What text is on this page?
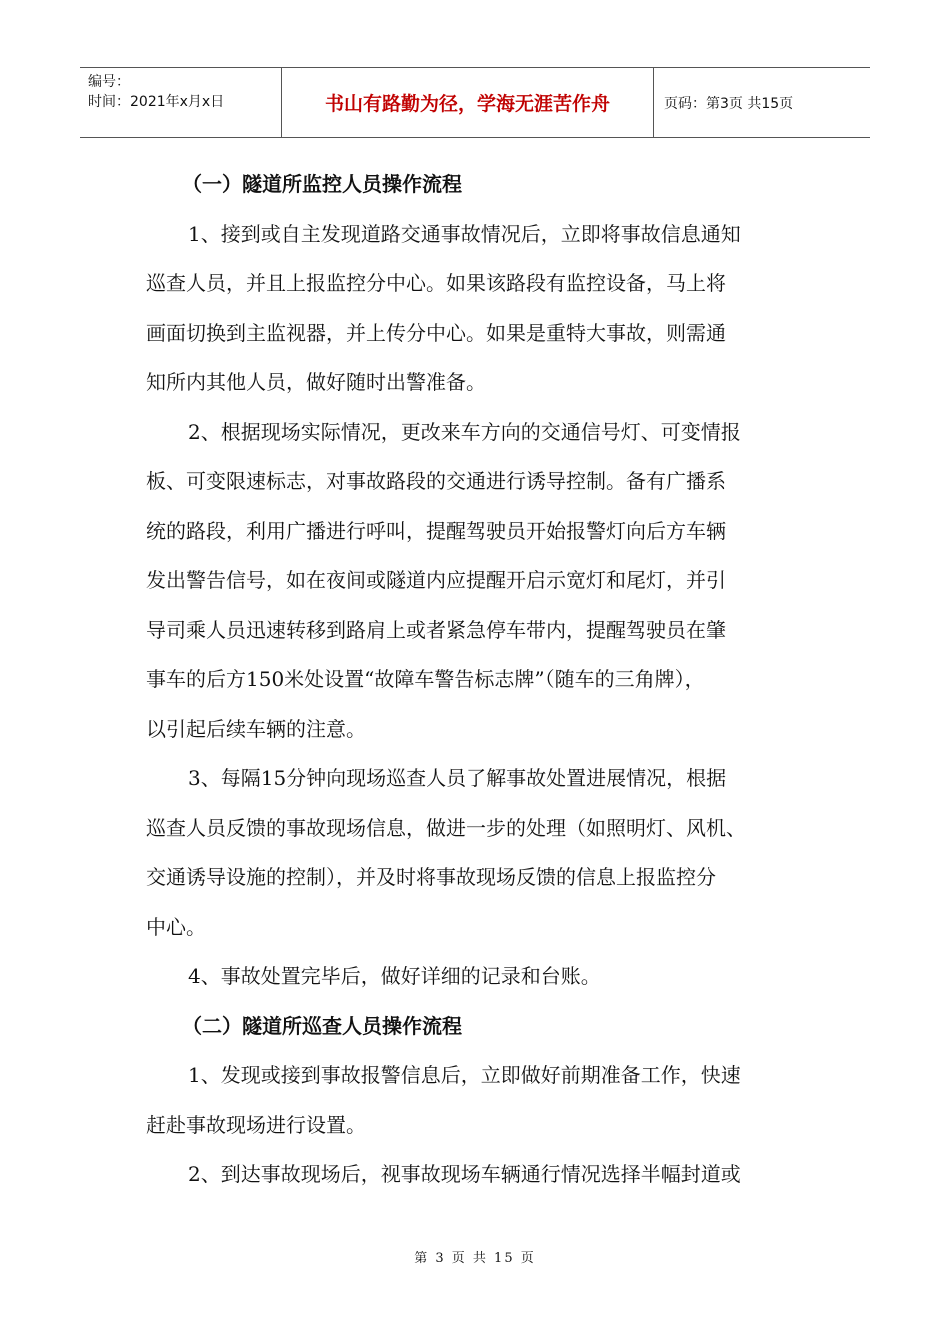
编号：
时间：2021年x月x日	书山有路勤为径，学海无涯苦作舟	页码：第3页 共15页
（一）隧道所监控人员操作流程
1、接到或自主发现道路交通事故情况后，立即将事故信息通知
巡查人员，并且上报监控分中心。如果该路段有监控设备，马上将
画面切换到主监视器，并上传分中心。如果是重特大事故，则需通
知所内其他人员，做好随时出警准备。
2、根据现场实际情况，更改来车方向的交通信号灯、可变情报
板、可变限速标志，对事故路段的交通进行诱导控制。备有广播系
统的路段，利用广播进行呼叫，提醒驾驶员开始报警灯向后方车辆
发出警告信号，如在夜间或隧道内应提醒开启示宽灯和尾灯，并引
导司乘人员迅速转移到路肩上或者紧急停车带内，提醒驾驶员在肇
事车的后方150米处设置“故障车警告标志牌”（随车的三角牌），
以引起后续车辆的注意。
3、每隔15分钟向现场巡查人员了解事故处置进展情况，根据
巡查人员反馈的事故现场信息，做进一步的处理（如照明灯、风机、
交通诱导设施的控制），并及时将事故现场反馈的信息上报监控分
中心。
4、事故处置完毕后，做好详细的记录和台账。
（二）隧道所巡查人员操作流程
1、发现或接到事故报警信息后，立即做好前期准备工作，快速
赶赴事故现场进行设置。
2、到达事故现场后，视事故现场车辆通行情况选择半幅封道或
第 3 页 共 15 页
